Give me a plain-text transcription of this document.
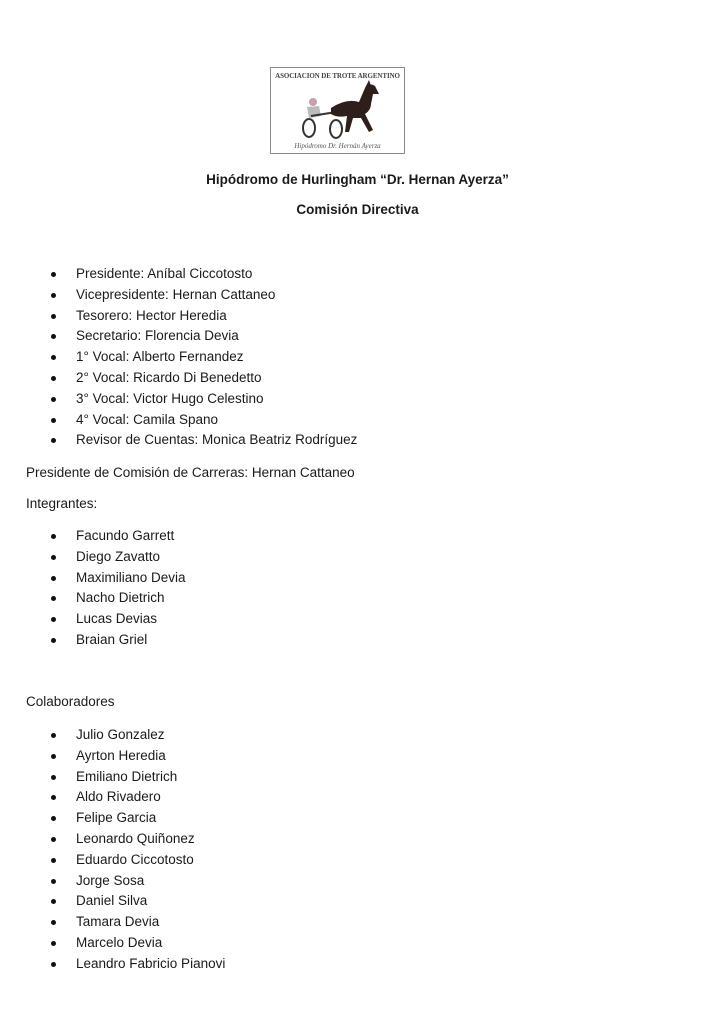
ASOCIACION DE TROTE ARGENTINO
Hipódromo Dr. Hernán Ayerza
Hipódromo de Hurlingham “Dr. Hernan Ayerza”
Comisión Directiva
Presidente: Aníbal Ciccotosto
Vicepresidente: Hernan Cattaneo
Tesorero: Hector Heredia
Secretario: Florencia Devia
1° Vocal: Alberto Fernandez
2° Vocal: Ricardo Di Benedetto
3° Vocal: Victor Hugo Celestino
4° Vocal: Camila Spano
Revisor de Cuentas: Monica Beatriz Rodríguez
Presidente de Comisión de Carreras: Hernan Cattaneo
Integrantes:
Facundo Garrett
Diego Zavatto
Maximiliano Devia
Nacho Dietrich
Lucas Devias
Braian Griel
Colaboradores
Julio Gonzalez
Ayrton Heredia
Emiliano Dietrich
Aldo Rivadero
Felipe Garcia
Leonardo Quiñonez
Eduardo Ciccotosto
Jorge Sosa
Daniel Silva
Tamara Devia
Marcelo Devia
Leandro Fabricio Pianovi
